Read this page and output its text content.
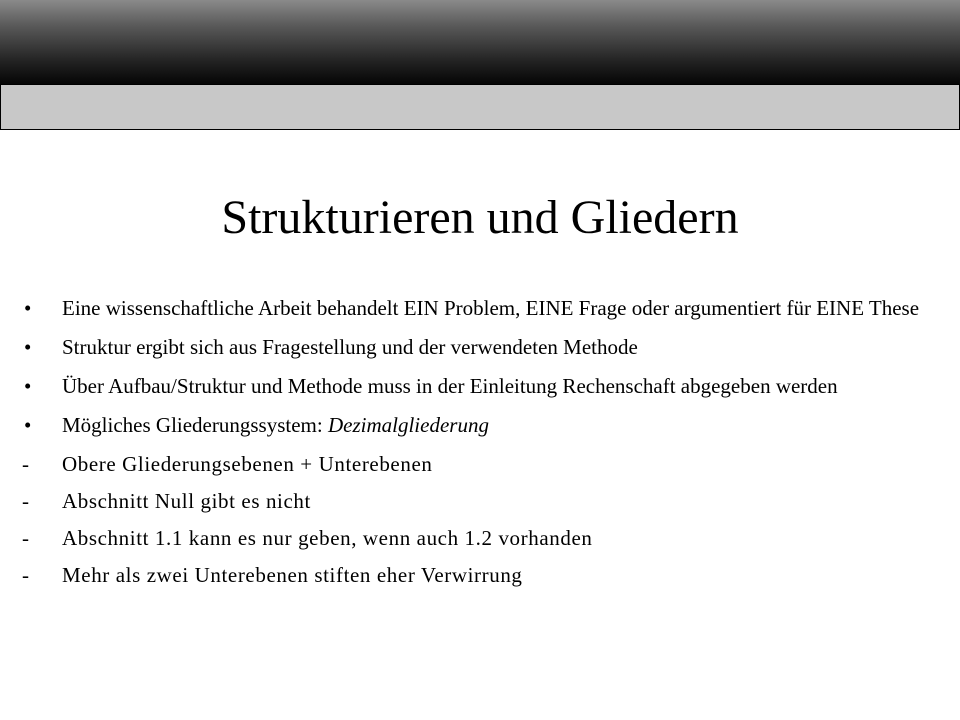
Strukturieren und Gliedern
•	Eine wissenschaftliche Arbeit behandelt EIN Problem, EINE Frage oder argumentiert für EINE These
•	Struktur ergibt sich aus Fragestellung und der verwendeten Methode
•	Über Aufbau/Struktur und Methode muss in der Einleitung Rechenschaft abgegeben werden
•	Mögliches Gliederungssystem: Dezimalgliederung
-	Obere Gliederungsebenen + Unterebenen
-	Abschnitt Null gibt es nicht
-	Abschnitt 1.1 kann es nur geben, wenn auch 1.2 vorhanden
-	Mehr als zwei Unterebenen stiften eher Verwirrung
